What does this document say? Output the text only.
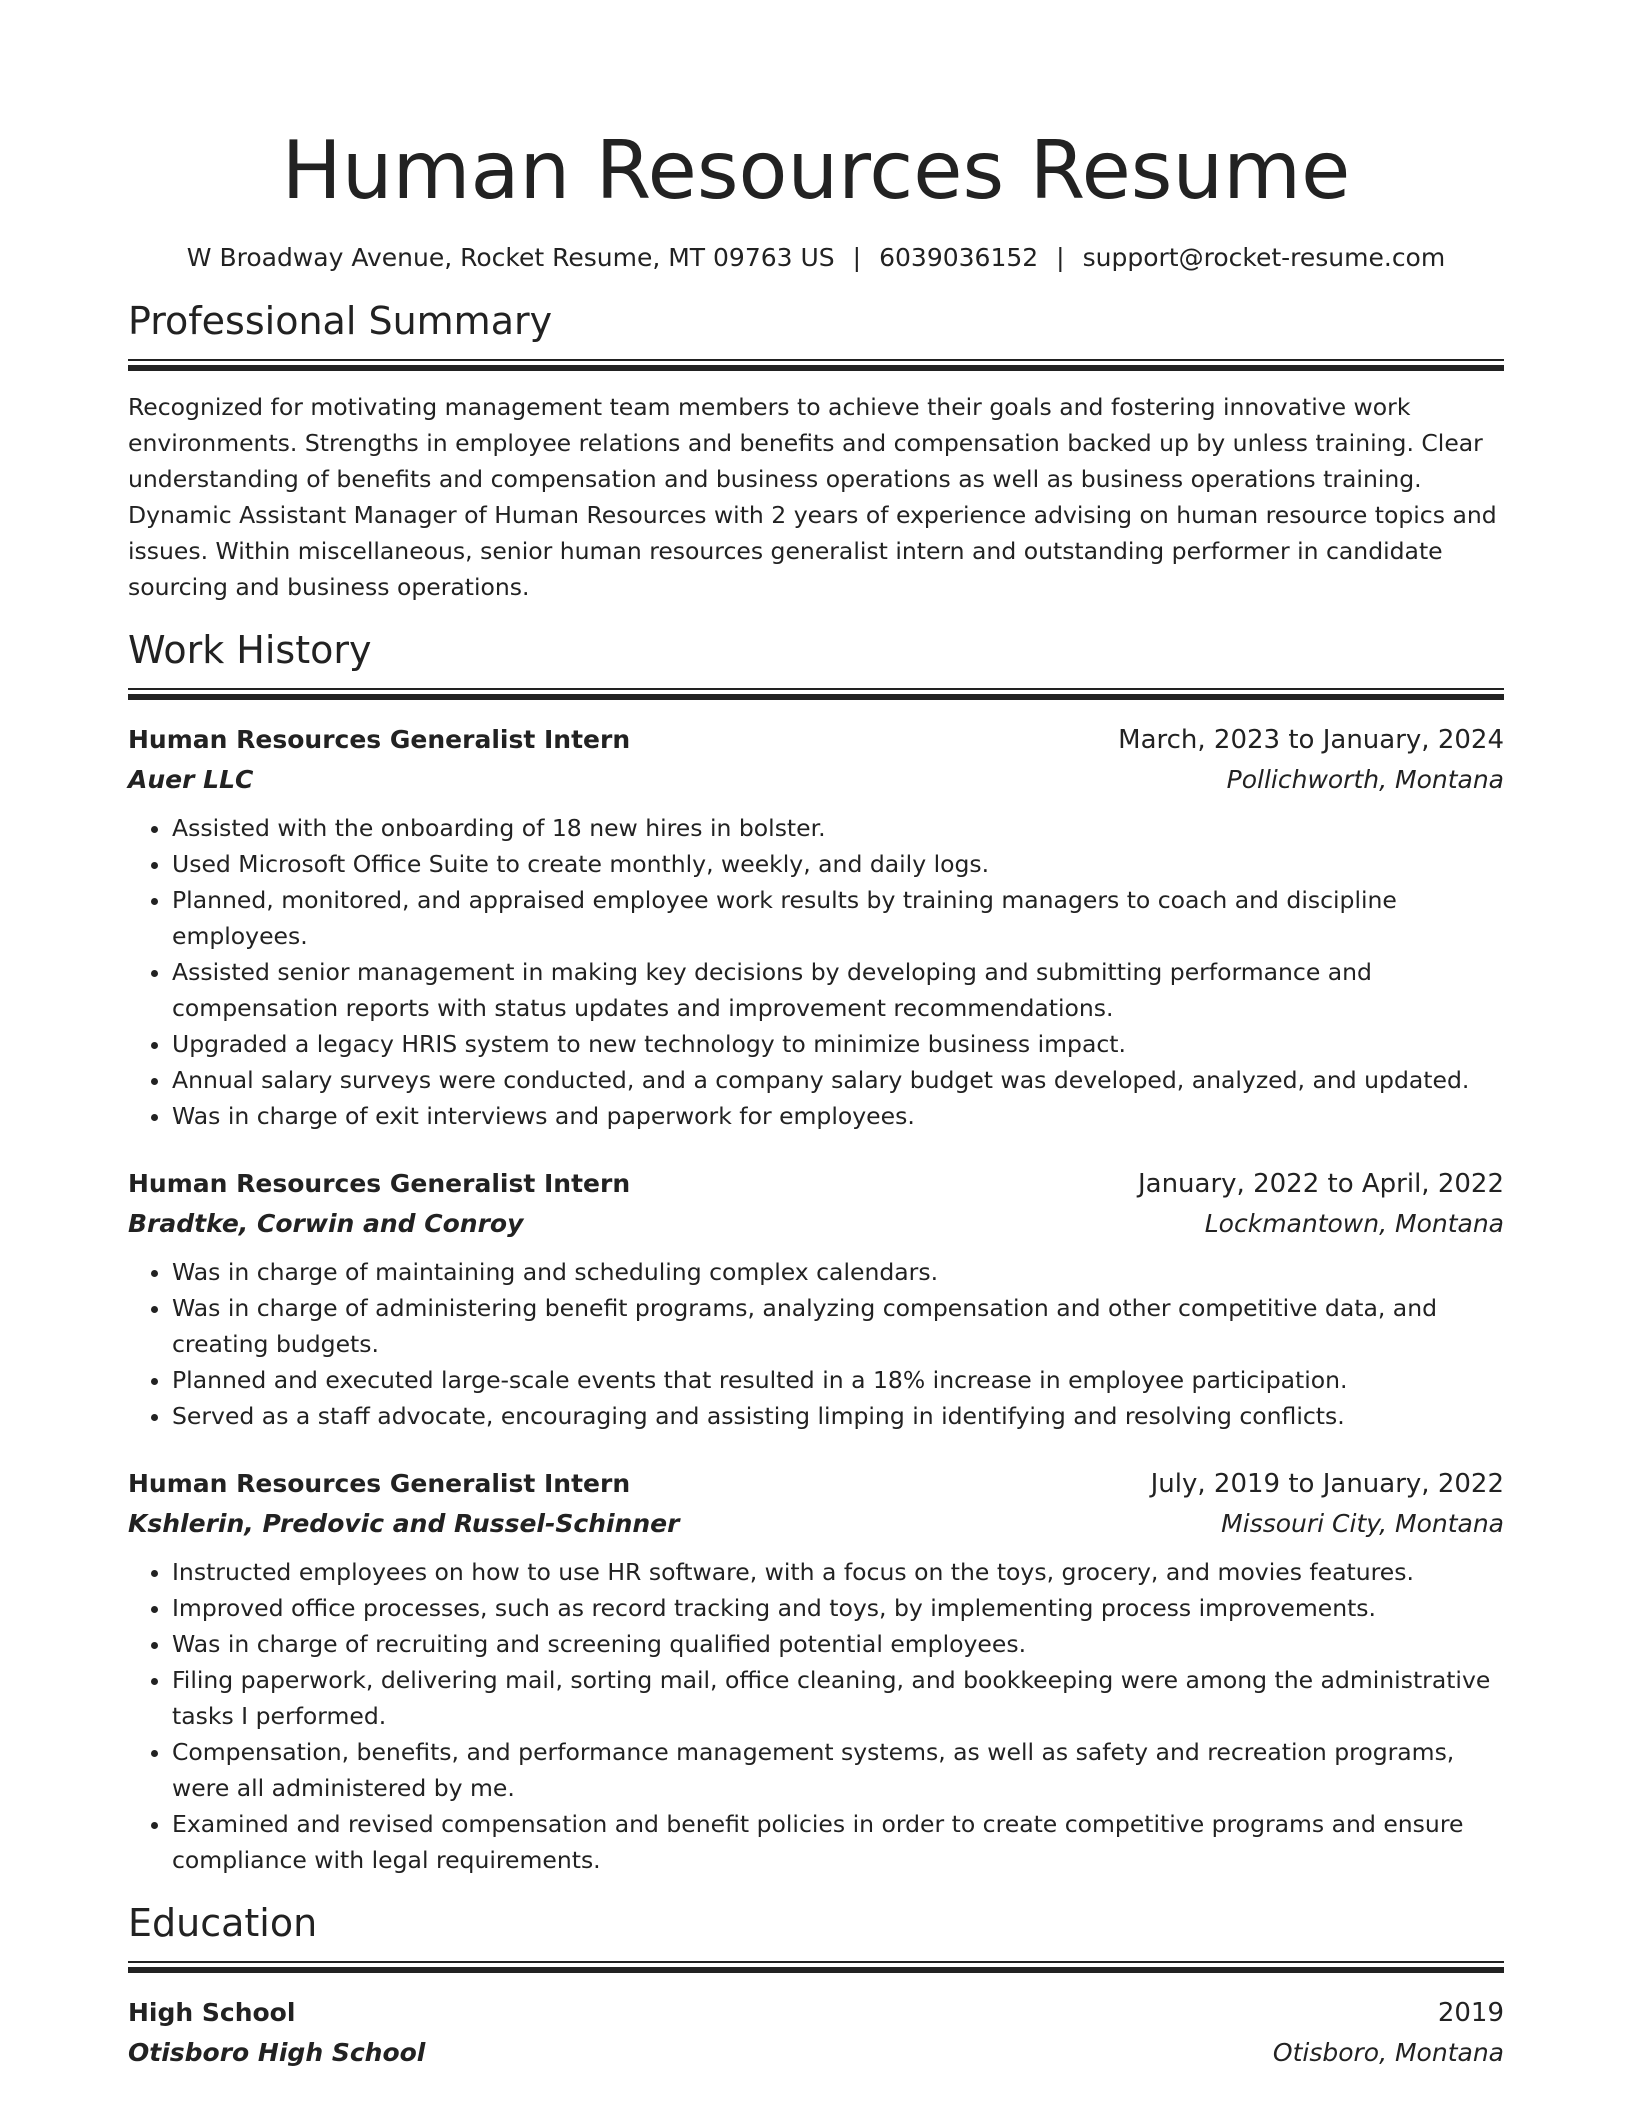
Human Resources Resume
W Broadway Avenue, Rocket Resume, MT 09763 US | 6039036152 | support@rocket-resume.com
Professional Summary

Recognized for motivating management team members to achieve their goals and fostering innovative work environments. Strengths in employee relations and benefits and compensation backed up by unless training. Clear understanding of benefits and compensation and business operations as well as business operations training. Dynamic Assistant Manager of Human Resources with 2 years of experience advising on human resource topics and issues. Within miscellaneous, senior human resources generalist intern and outstanding performer in candidate sourcing and business operations.

Work History
Human Resources Generalist Intern	March, 2023 to January, 2024
Auer LLC	Pollichworth, Montana
• Assisted with the onboarding of 18 new hires in bolster.
• Used Microsoft Office Suite to create monthly, weekly, and daily logs.
• Planned, monitored, and appraised employee work results by training managers to coach and discipline employees.
• Assisted senior management in making key decisions by developing and submitting performance and compensation reports with status updates and improvement recommendations.
• Upgraded a legacy HRIS system to new technology to minimize business impact.
• Annual salary surveys were conducted, and a company salary budget was developed, analyzed, and updated.
• Was in charge of exit interviews and paperwork for employees.
Human Resources Generalist Intern	January, 2022 to April, 2022
Bradtke, Corwin and Conroy	Lockmantown, Montana
• Was in charge of maintaining and scheduling complex calendars.
• Was in charge of administering benefit programs, analyzing compensation and other competitive data, and creating budgets.
• Planned and executed large-scale events that resulted in a 18% increase in employee participation.
• Served as a staff advocate, encouraging and assisting limping in identifying and resolving conflicts.
Human Resources Generalist Intern	July, 2019 to January, 2022
Kshlerin, Predovic and Russel-Schinner	Missouri City, Montana
• Instructed employees on how to use HR software, with a focus on the toys, grocery, and movies features.
• Improved office processes, such as record tracking and toys, by implementing process improvements.
• Was in charge of recruiting and screening qualified potential employees.
• Filing paperwork, delivering mail, sorting mail, office cleaning, and bookkeeping were among the administrative tasks I performed.
• Compensation, benefits, and performance management systems, as well as safety and recreation programs, were all administered by me.
• Examined and revised compensation and benefit policies in order to create competitive programs and ensure compliance with legal requirements.
Education
High School	2019
Otisboro High School	Otisboro, Montana
